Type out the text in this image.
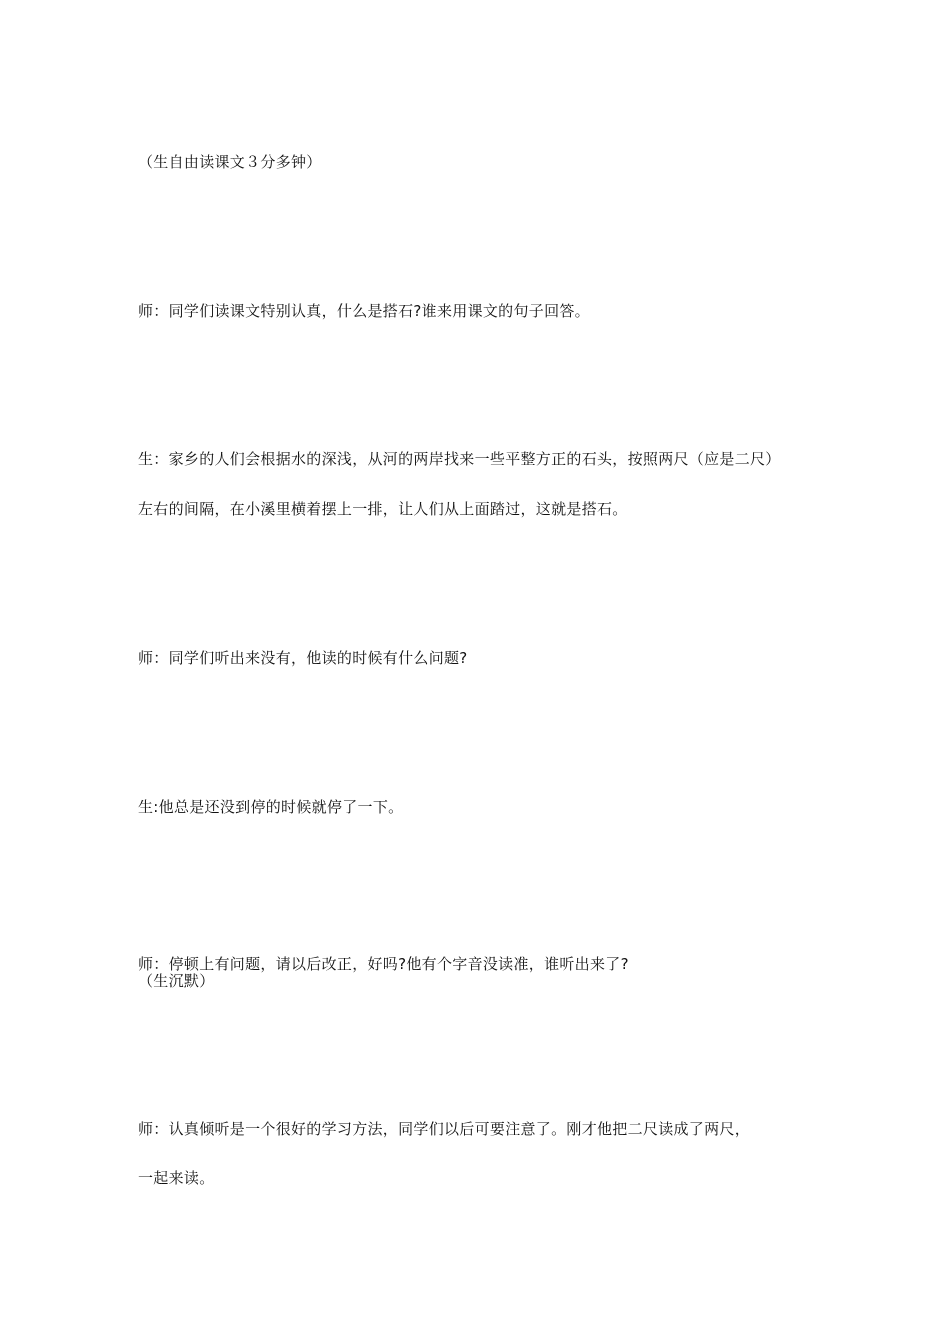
（生自由读课文３分多钟）
师：同学们读课文特别认真，什么是搭石?谁来用课文的句子回答。
生：家乡的人们会根据水的深浅，从河的两岸找来一些平整方正的石头，按照两尺（应是二尺）
左右的间隔，在小溪里横着摆上一排，让人们从上面踏过，这就是搭石。
师：同学们听出来没有，他读的时候有什么问题?
生:他总是还没到停的时候就停了一下。
师：停顿上有问题，请以后改正，好吗?他有个字音没读准，谁听出来了?
（生沉默）
师：认真倾听是一个很好的学习方法，同学们以后可要注意了。刚才他把二尺读成了两尺，
一起来读。
